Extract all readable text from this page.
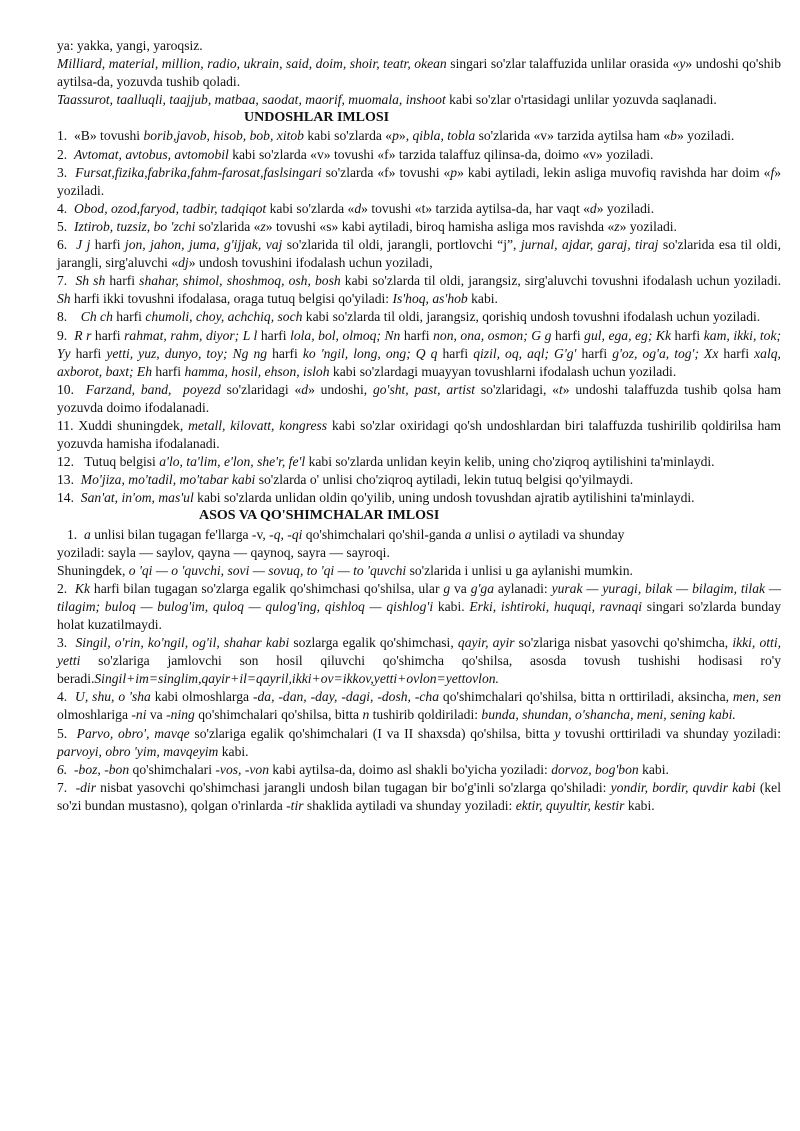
ya: yakka, yangi, yaroqsiz.

Milliard, material, million, radio, ukrain, said, doim, shoir, teatr, okean singari so'zlar talaffuzida unlilar orasida «y» undoshi qo'shib aytilsa-da, yozuvda tushib qoladi.

Taassurot, taalluqli, taajjub, matbaa, saodat, maorif, muomala, inshoot kabi so'zlar o'rtasidagi unlilar yozuvda saqlanadi.

UNDOSHLAR IMLOSI

1.  «B» tovushi borib,javob, hisob, bob, xitob kabi so'zlarda «p», qibla, tobla so'zlarida «v» tarzida aytilsa ham «b» yoziladi.

2.  Avtomat, avtobus, avtomobil kabi so'zlarda «v» tovushi «f» tarzida talaffuz qilinsa-da, doimo «v» yoziladi.

3.  Fursat,fizika,fabrika,fahm-farosat,faslsingari so'zlarda «f» tovushi «p» kabi aytiladi, lekin asliga muvofiq ravishda har doim «f» yoziladi.

4.  Obod, ozod,faryod, tadbir, tadqiqot kabi so'zlarda «d» tovushi «t» tarzida aytilsa-da, har vaqt «d» yoziladi.

5.  Iztirob, tuzsiz, bo 'zchi so'zlarida «z» tovushi «s» kabi aytiladi, biroq hamisha asliga mos ravishda «z» yoziladi.

6.  J j harfi jon, jahon, juma, g'ijjak, vaj so'zlarida til oldi, jarangli, portlovchi “j”, jurnal, ajdar, garaj, tiraj so'zlarida esa til oldi, jarangli, sirg'aluvchi «dj» undosh tovushini ifodalash uchun yoziladi,

7.  Sh sh harfi shahar, shimol, shoshmoq, osh, bosh kabi so'zlarda til oldi, jarangsiz, sirg'aluvchi tovushni ifodalash uchun yoziladi. Sh harfi ikki tovushni ifodalasa, oraga tutuq belgisi qo'yiladi: Is'hoq, as'hob kabi.

8.    Ch ch harfi chumoli, choy, achchiq, soch kabi so'zlarda til oldi, jarangsiz, qorishiq undosh tovushni ifodalash uchun yoziladi.

9.  R r harfi rahmat, rahm, diyor; L l harfi lola, bol, olmoq; Nn harfi non, ona, osmon; G g harfi gul, ega, eg; Kk harfi kam, ikki, tok; Yy harfi yetti, yuz, dunyo, toy; Ng ng harfi ko 'ngil, long, ong; Q q harfi qizil, oq, aql; G'g' harfi g'oz, og'a, tog'; Xx harfi xalq, axborot, baxt; Eh harfi hamma, hosil, ehson, isloh kabi so'zlardagi muayyan tovushlarni ifodalash uchun yoziladi.

10.  Farzand, band,  poyezd so'zlaridagi «d» undoshi, go'sht, past, artist so'zlaridagi, «t» undoshi talaffuzda tushib qolsa ham yozuvda doimo ifodalanadi.

11. Xuddi shuningdek, metall, kilovatt, kongress kabi so'zlar oxiridagi qo'sh undoshlardan biri talaffuzda tushirilib qoldirilsa ham yozuvda hamisha ifodalanadi.

12.   Tutuq belgisi a'lo, ta'lim, e'lon, she'r, fe'l kabi so'zlarda unlidan keyin kelib, uning cho'ziqroq aytilishini ta'minlaydi.

13.  Mo'jiza, mo'tadil, mo'tabar kabi so'zlarda o' unlisi cho'ziqroq aytiladi, lekin tutuq belgisi qo'yilmaydi.

14.  San'at, in'om, mas'ul kabi so'zlarda unlidan oldin qo'yilib, uning undosh tovushdan ajratib aytilishini ta'minlaydi.

ASOS VA QO'SHIMCHALAR IMLOSI

1.  a unlisi bilan tugagan fe'llarga -v, -q, -qi qo'shimchalari qo'shil-ganda a unlisi o aytiladi va shunday

yoziladi: sayla — saylov, qayna — qaynoq, sayra — sayroqi.

Shuningdek, o 'qi — o 'quvchi, sovi — sovuq, to 'qi — to 'quvchi so'zlarida i unlisi u ga aylanishi mumkin.

2.  Kk harfi bilan tugagan so'zlarga egalik qo'shimchasi qo'shilsa, ular g va g'ga aylanadi: yurak — yuragi, bilak — bilagim, tilak — tilagim; buloq — bulog'im, quloq — qulog'ing, qishloq — qishlog'i kabi. Erki, ishtiroki, huquqi, ravnaqi singari so'zlarda bunday holat kuzatilmaydi.

3.  Singil, o'rin, ko'ngil, og'il, shahar kabi sozlarga egalik qo'shimchasi, qayir, ayir so'zlariga nisbat yasovchi qo'shimcha, ikki, otti, yetti so'zlariga jamlovchi son hosil qiluvchi qo'shimcha qo'shilsa, asosda tovush tushishi hodisasi ro'y beradi.Singil+im=singlim,qayir+il=qayril,ikki+ov=ikkov,yetti+ovlon=yettovlon.

4.  U, shu, o 'sha kabi olmoshlarga -da, -dan, -day, -dagi, -dosh, -cha qo'shimchalari qo'shilsa, bitta n orttiriladi, aksincha, men, sen olmoshlariga -ni va -ning qo'shimchalari qo'shilsa, bitta n tushirib qoldiriladi: bunda, shundan, o'shancha, meni, sening kabi.

5.  Parvo, obro', mavqe so'zlariga egalik qo'shimchalari (I va II shaxsda) qo'shilsa, bitta y tovushi orttiriladi va shunday yoziladi: parvoyi, obro 'yim, mavqeyim kabi.

6.  -boz, -bon qo'shimchalari -vos, -von kabi aytilsa-da, doimo asl shakli bo'yicha yoziladi: dorvoz, bog'bon kabi.

7.  -dir nisbat yasovchi qo'shimchasi jarangli undosh bilan tugagan bir bo'g'inli so'zlarga qo'shiladi: yondir, bordir, quvdir kabi (kel so'zi bundan mustasno), qolgan o'rinlarda -tir shaklida aytiladi va shunday yoziladi: ektir, quyultir, kestir kabi.
